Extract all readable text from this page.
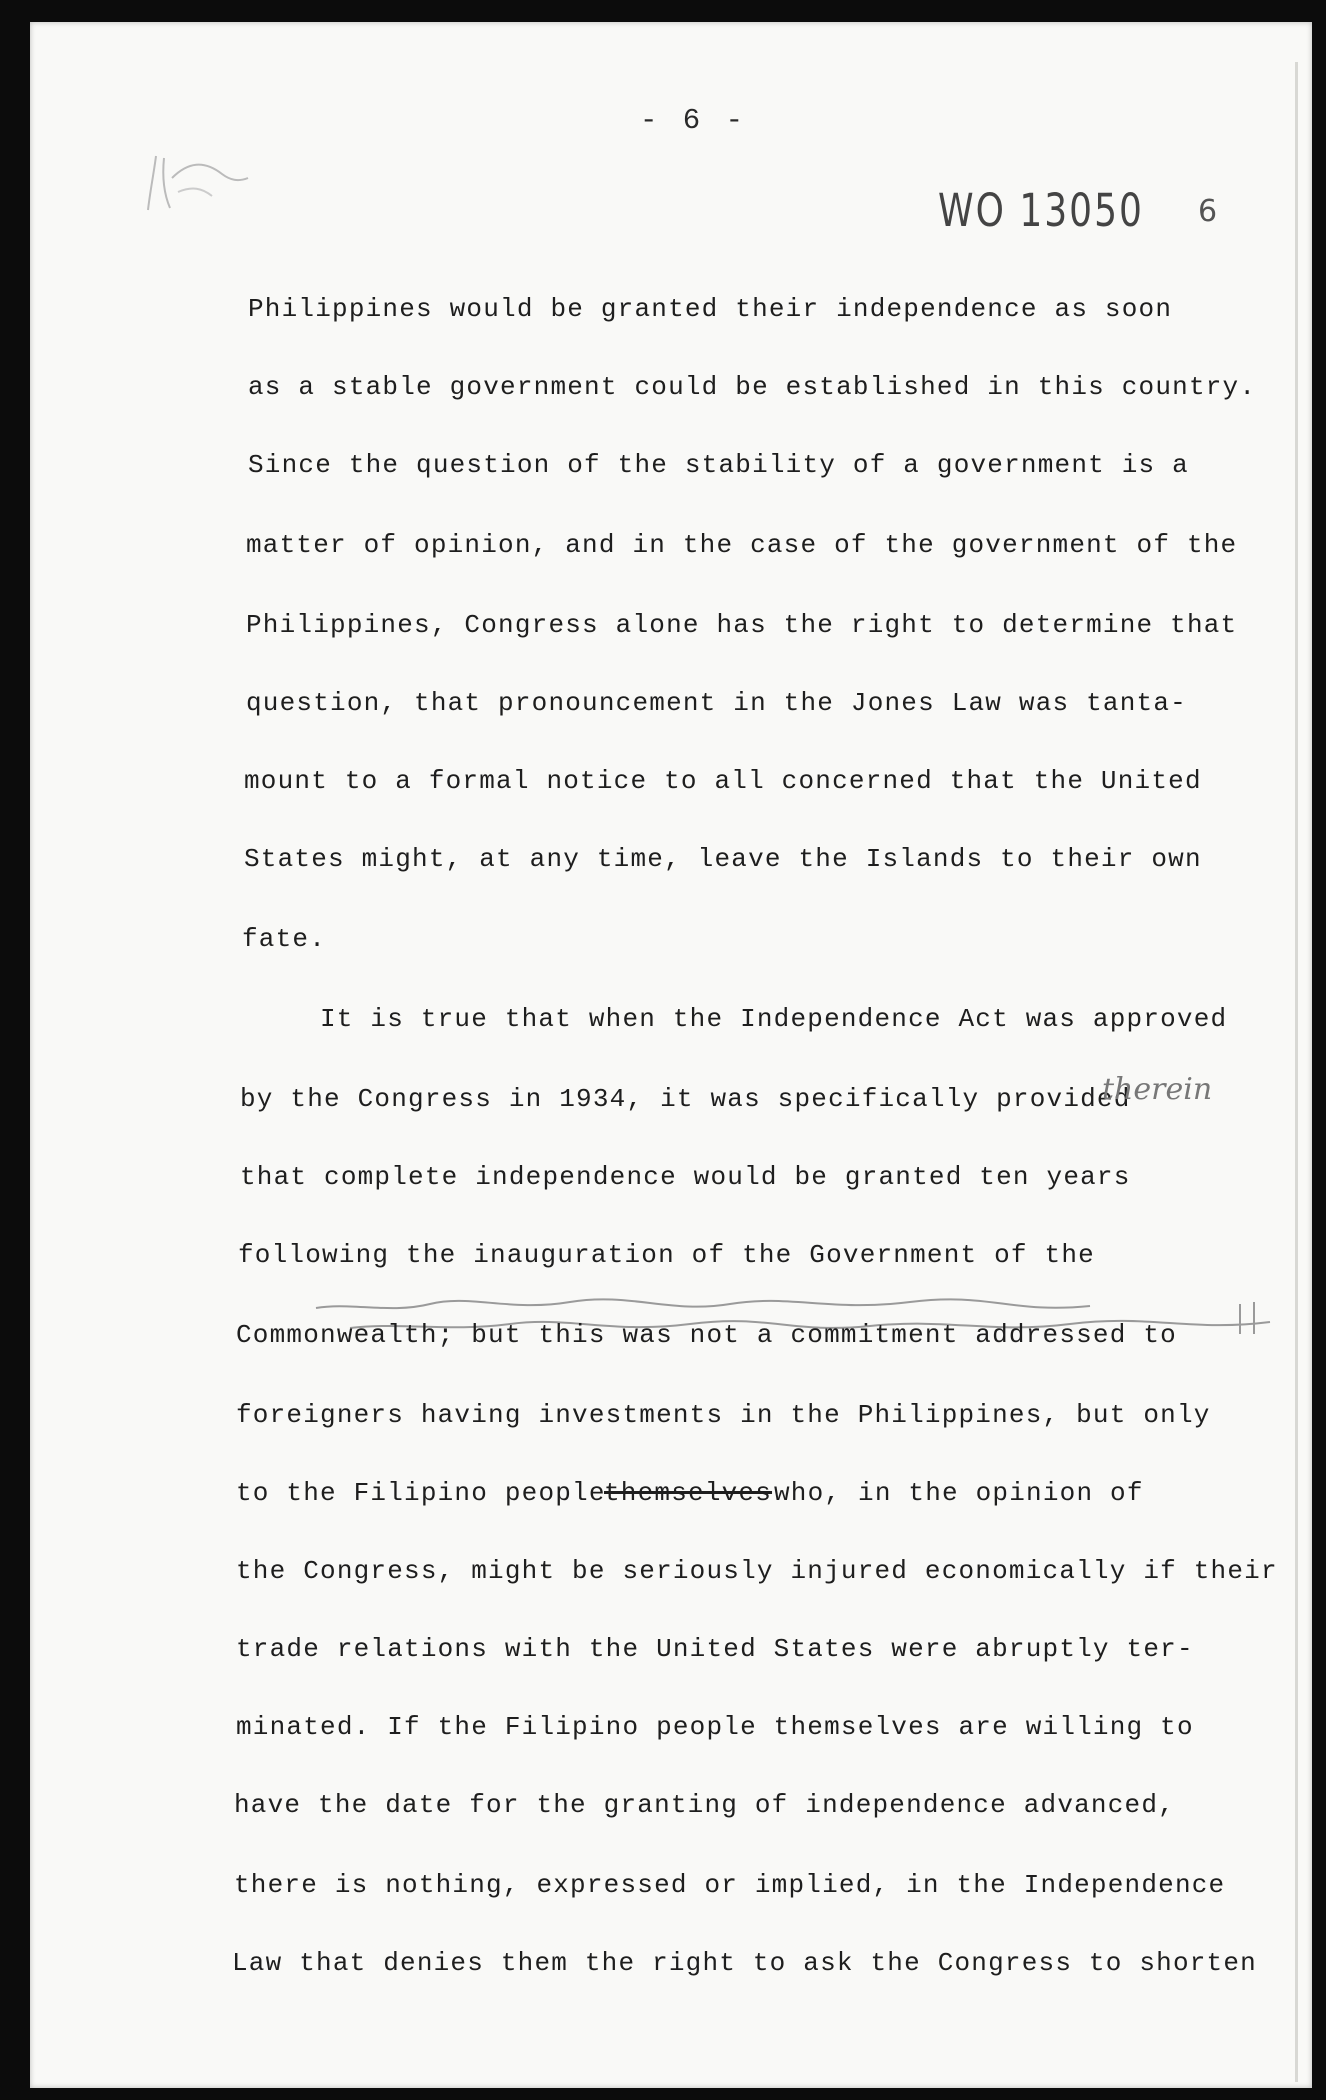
- 6 -
WO 13050 6
Philippines would be granted their independence as soon
as a stable government could be established in this country.
Since the question of the stability of a government is a
matter of opinion, and in the case of the government of the
Philippines, Congress alone has the right to determine that
question, that pronouncement in the Jones Law was tanta-
mount to a formal notice to all concerned that the United
States might, at any time, leave the Islands to their own
fate.
It is true that when the Independence Act was approved
by the Congress in 1934, it was specifically provided
therein
that complete independence would be granted ten years
following the inauguration of the Government of the
Commonwealth; but this was not a commitment addressed to
foreigners having investments in the Philippines, but only
to the Filipino people
themselves who, in the opinion of
the Congress, might be seriously injured economically if their
trade relations with the United States were abruptly ter-
minated. If the Filipino people themselves are willing to
have the date for the granting of independence advanced,
there is nothing, expressed or implied, in the Independence
Law that denies them the right to ask the Congress to shorten
